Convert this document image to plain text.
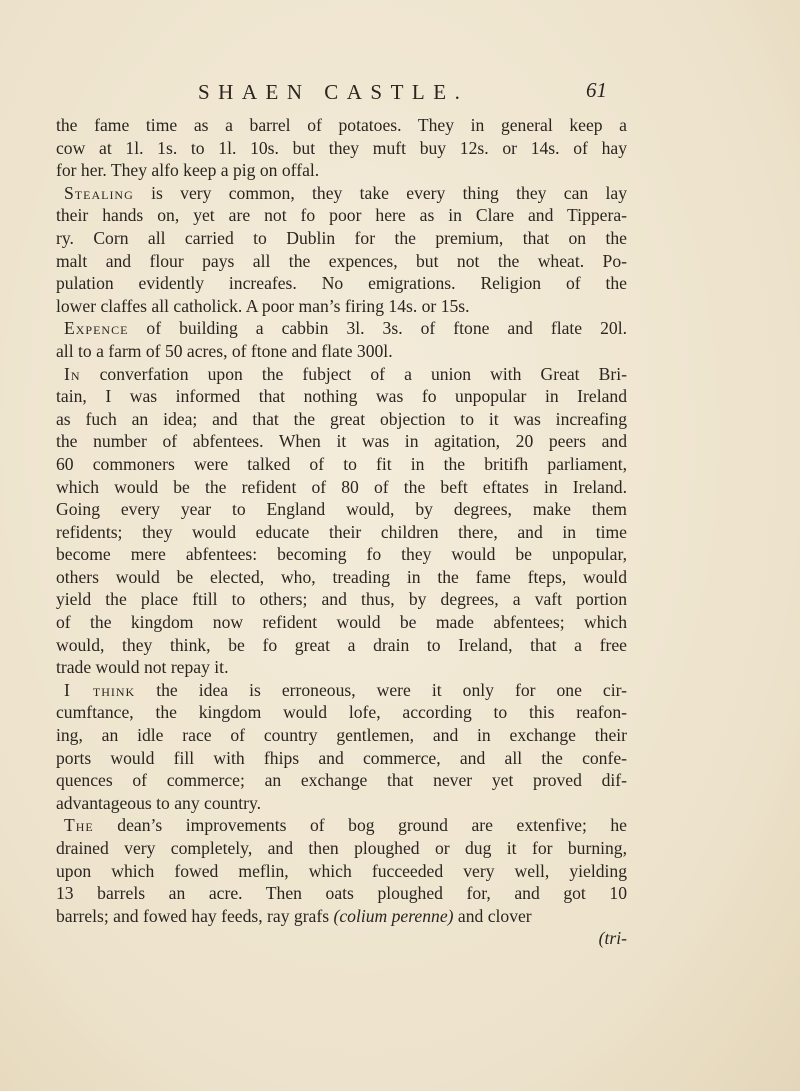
SHAEN CASTLE.	61
the fame time as a barrel of potatoes. They in general keep a
cow at 1l. 1s. to 1l. 10s. but they muft buy 12s. or 14s. of hay
for her. They alfo keep a pig on offal.
Stealing is very common, they take every thing they can lay
their hands on, yet are not fo poor here as in Clare and Tippera-
ry. Corn all carried to Dublin for the premium, that on the
malt and flour pays all the expences, but not the wheat. Po-
pulation evidently increafes. No emigrations. Religion of the
lower claffes all catholick. A poor man’s firing 14s. or 15s.
Expence of building a cabbin 3l. 3s. of ftone and flate 20l.
all to a farm of 50 acres, of ftone and flate 300l.
In converfation upon the fubject of a union with Great Bri-
tain, I was informed that nothing was fo unpopular in Ireland
as fuch an idea; and that the great objection to it was increafing
the number of abfentees. When it was in agitation, 20 peers and
60 commoners were talked of to fit in the britifh parliament,
which would be the refident of 80 of the beft eftates in Ireland.
Going every year to England would, by degrees, make them
refidents; they would educate their children there, and in time
become mere abfentees: becoming fo they would be unpopular,
others would be elected, who, treading in the fame fteps, would
yield the place ftill to others; and thus, by degrees, a vaft portion
of the kingdom now refident would be made abfentees; which
would, they think, be fo great a drain to Ireland, that a free
trade would not repay it.
I think the idea is erroneous, were it only for one cir-
cumftance, the kingdom would lofe, according to this reafon-
ing, an idle race of country gentlemen, and in exchange their
ports would fill with fhips and commerce, and all the confe-
quences of commerce; an exchange that never yet proved dif-
advantageous to any country.
The dean’s improvements of bog ground are extenfive; he
drained very completely, and then ploughed or dug it for burning,
upon which fowed meflin, which fucceeded very well, yielding
13 barrels an acre. Then oats ploughed for, and got 10
barrels; and fowed hay feeds, ray grafs (colium perenne) and clover
(tri-
